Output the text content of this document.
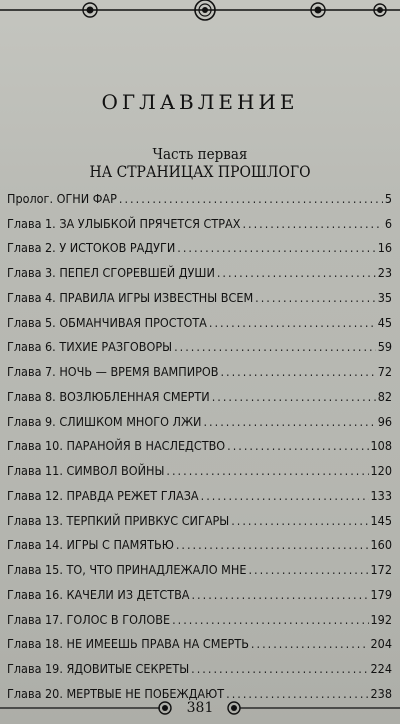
ОГЛАВЛЕНИЕ
Часть первая
НА СТРАНИЦАХ ПРОШЛОГО
Пролог. ОГНИ ФАР .....	5
Глава 1. ЗА УЛЫБКОЙ ПРЯЧЕТСЯ СТРАХ .....	6
Глава 2. У ИСТОКОВ РАДУГИ .....	16
Глава 3. ПЕПЕЛ СГОРЕВШЕЙ ДУШИ .....	23
Глава 4. ПРАВИЛА ИГРЫ ИЗВЕСТНЫ ВСЕМ .....	35
Глава 5. ОБМАНЧИВАЯ ПРОСТОТА .....	45
Глава 6. ТИХИЕ РАЗГОВОРЫ .....	59
Глава 7. НОЧЬ — ВРЕМЯ ВАМПИРОВ .....	72
Глава 8. ВОЗЛЮБЛЕННАЯ СМЕРТИ .....	82
Глава 9. СЛИШКОМ МНОГО ЛЖИ .....	96
Глава 10. ПАРАНОЙЯ В НАСЛЕДСТВО .....	108
Глава 11. СИМВОЛ ВОЙНЫ .....	120
Глава 12. ПРАВДА РЕЖЕТ ГЛАЗА .....	133
Глава 13. ТЕРПКИЙ ПРИВКУС СИГАРЫ .....	145
Глава 14. ИГРЫ С ПАМЯТЬЮ .....	160
Глава 15. ТО, ЧТО ПРИНАДЛЕЖАЛО МНЕ .....	172
Глава 16. КАЧЕЛИ ИЗ ДЕТСТВА .....	179
Глава 17. ГОЛОС В ГОЛОВЕ .....	192
Глава 18. НЕ ИМЕЕШЬ ПРАВА НА СМЕРТЬ .....	204
Глава 19. ЯДОВИТЫЕ СЕКРЕТЫ .....	224
Глава 20. МЕРТВЫЕ НЕ ПОБЕЖДАЮТ .....	238
381
